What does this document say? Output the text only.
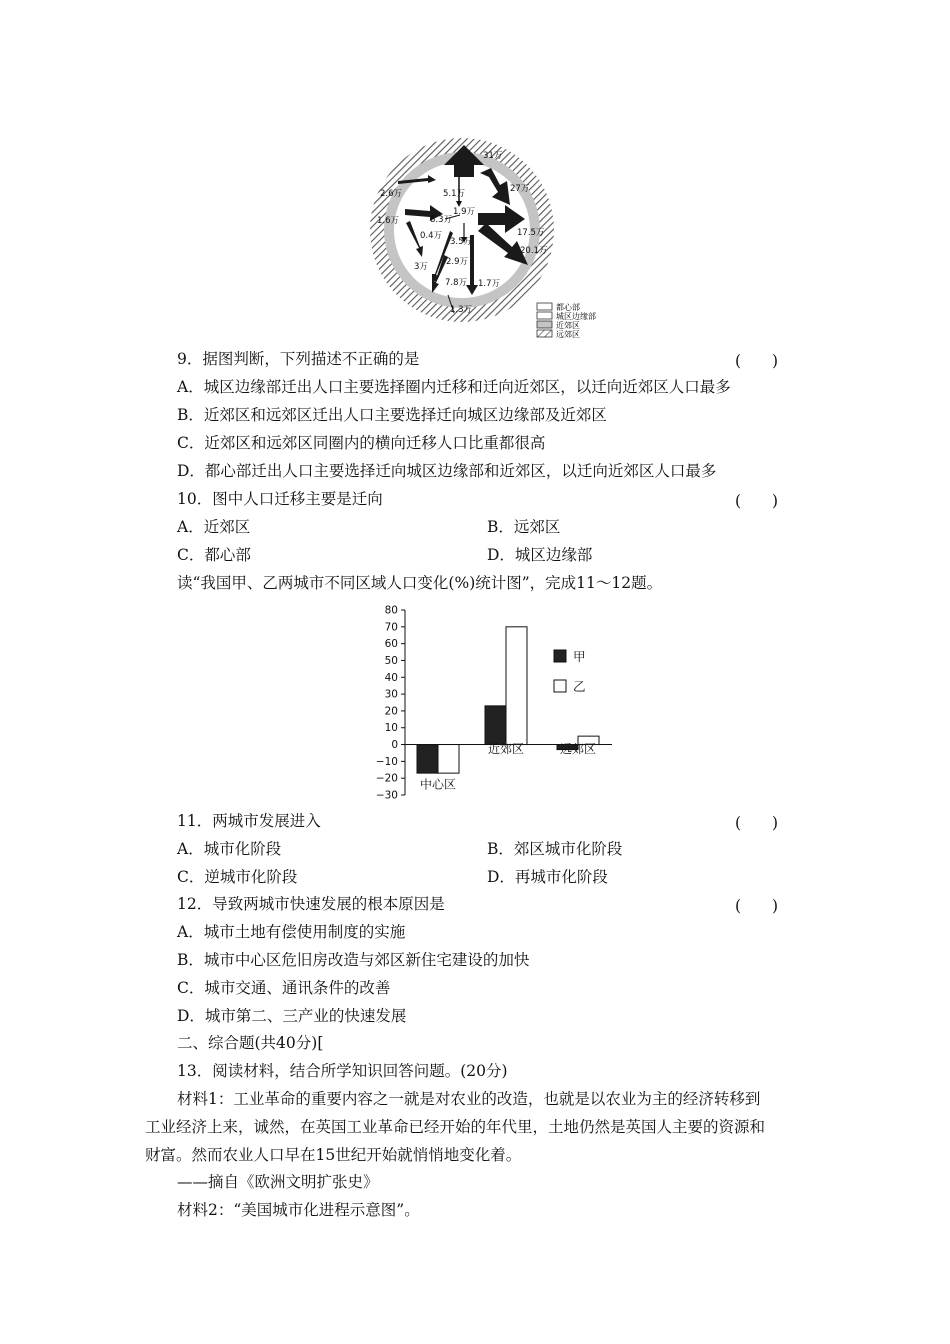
31万
27万
2.6万	5.1万
1.9万
8.3万
1.6万
17.5万
0.4万
3.5万
20.1万
2.9万
3万
7.8万 1.7万
1.3万	都心部
城区边缘部
近郊区
远郊区
9．据图判断，下列描述不正确的是	(　　)
A．城区边缘部迁出人口主要选择圈内迁移和迁向近郊区，以迁向近郊区人口最多
B．近郊区和远郊区迁出人口主要选择迁向城区边缘部及近郊区
C．近郊区和远郊区同圈内的横向迁移人口比重都很高
D．都心部迁出人口主要选择迁向城区边缘部和近郊区，以迁向近郊区人口最多
10．图中人口迁移主要是迁向	(　　)
A．近郊区	B．远郊区
C．都心部	D．城区边缘部
读“我国甲、乙两城市不同区域人口变化(%)统计图”，完成11～12题。
80
70
60
50
40
30
20
10
0
−10
−20
−30
中心区
近郊区	远郊区
甲
乙
11．两城市发展进入	(　　)
A．城市化阶段	B．郊区城市化阶段
C．逆城市化阶段	D．再城市化阶段
12．导致两城市快速发展的根本原因是	(　　)
A．城市土地有偿使用制度的实施
B．城市中心区危旧房改造与郊区新住宅建设的加快
C．城市交通、通讯条件的改善
D．城市第二、三产业的快速发展
二、综合题(共40分)[
13．阅读材料，结合所学知识回答问题。(20分)
材料1：工业革命的重要内容之一就是对农业的改造，也就是以农业为主的经济转移到
工业经济上来，诚然，在英国工业革命已经开始的年代里，土地仍然是英国人主要的资源和
财富。然而农业人口早在15世纪开始就悄悄地变化着。
——摘自《欧洲文明扩张史》
材料2：“美国城市化进程示意图”。
